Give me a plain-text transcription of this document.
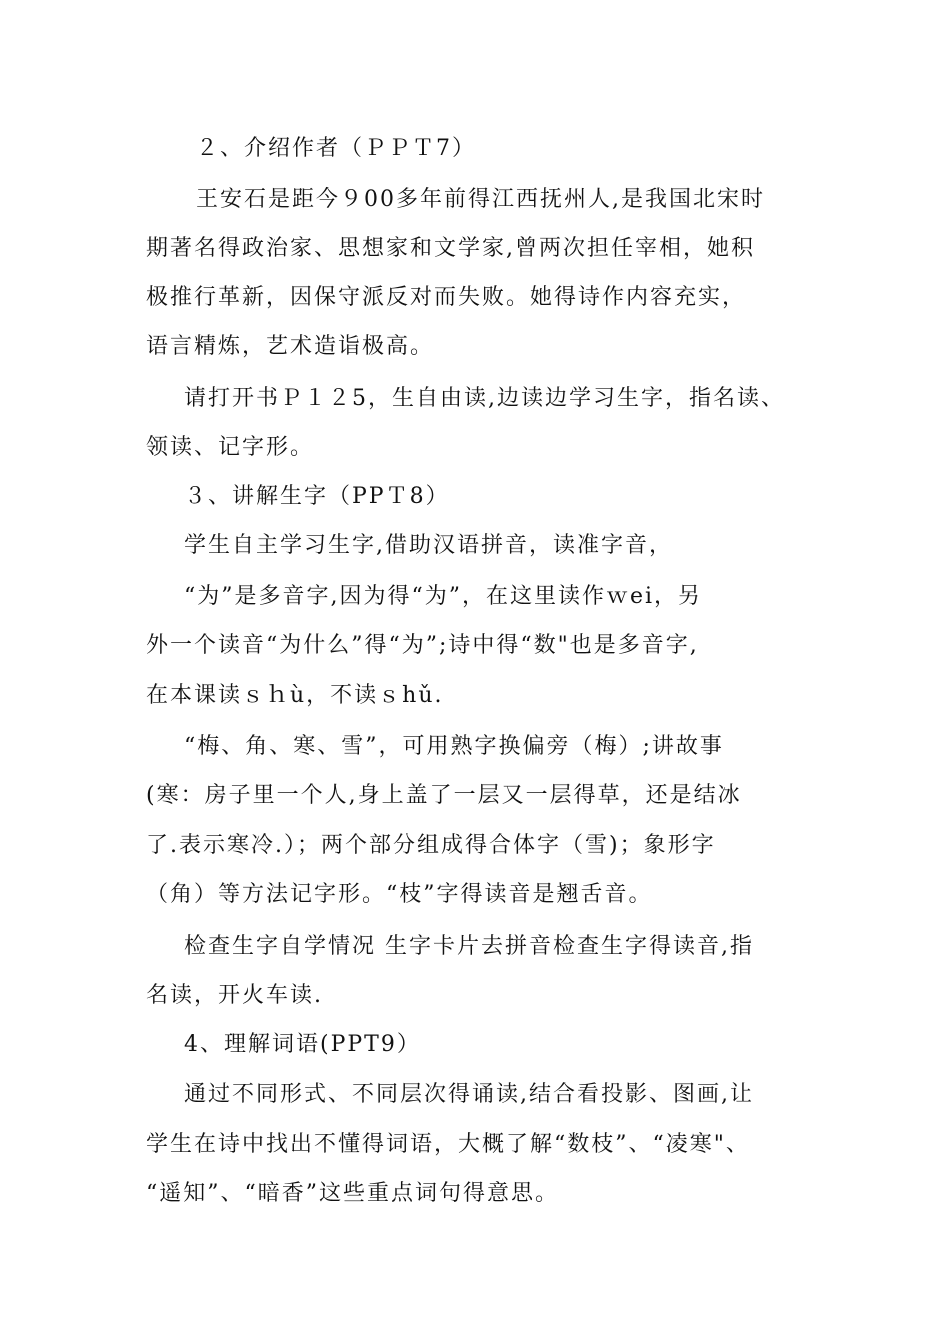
２、介绍作者（ＰＰＴ7）
王安石是距今９00多年前得江西抚州人,是我国北宋时
期著名得政治家、思想家和文学家,曾两次担任宰相，她积
极推行革新，因保守派反对而失败。她得诗作内容充实，
语言精炼，艺术造诣极高。
请打开书Ｐ１２5，生自由读,边读边学习生字，指名读、
领读、记字形。
３、讲解生字（PPＴ8）
学生自主学习生字,借助汉语拼音，读准字音，
“为”是多音字,因为得“为”，在这里读作ｗei，另
外一个读音“为什么”得“为”;诗中得“数"也是多音字,
在本课读ｓｈù，不读ｓhǔ.
“梅、角、寒、雪”，可用熟字换偏旁（梅）;讲故事
(寒：房子里一个人,身上盖了一层又一层得草，还是结冰
了.表示寒冷.）；两个部分组成得合体字（雪)；象形字
（角）等方法记字形。“枝”字得读音是翘舌音。
检查生字自学情况 生字卡片去拼音检查生字得读音,指
名读，开火车读.
4、理解词语(PPT9）
通过不同形式、不同层次得诵读,结合看投影、图画,让
学生在诗中找出不懂得词语，大概了解“数枝”、“凌寒"、
“遥知”、“暗香”这些重点词句得意思。
